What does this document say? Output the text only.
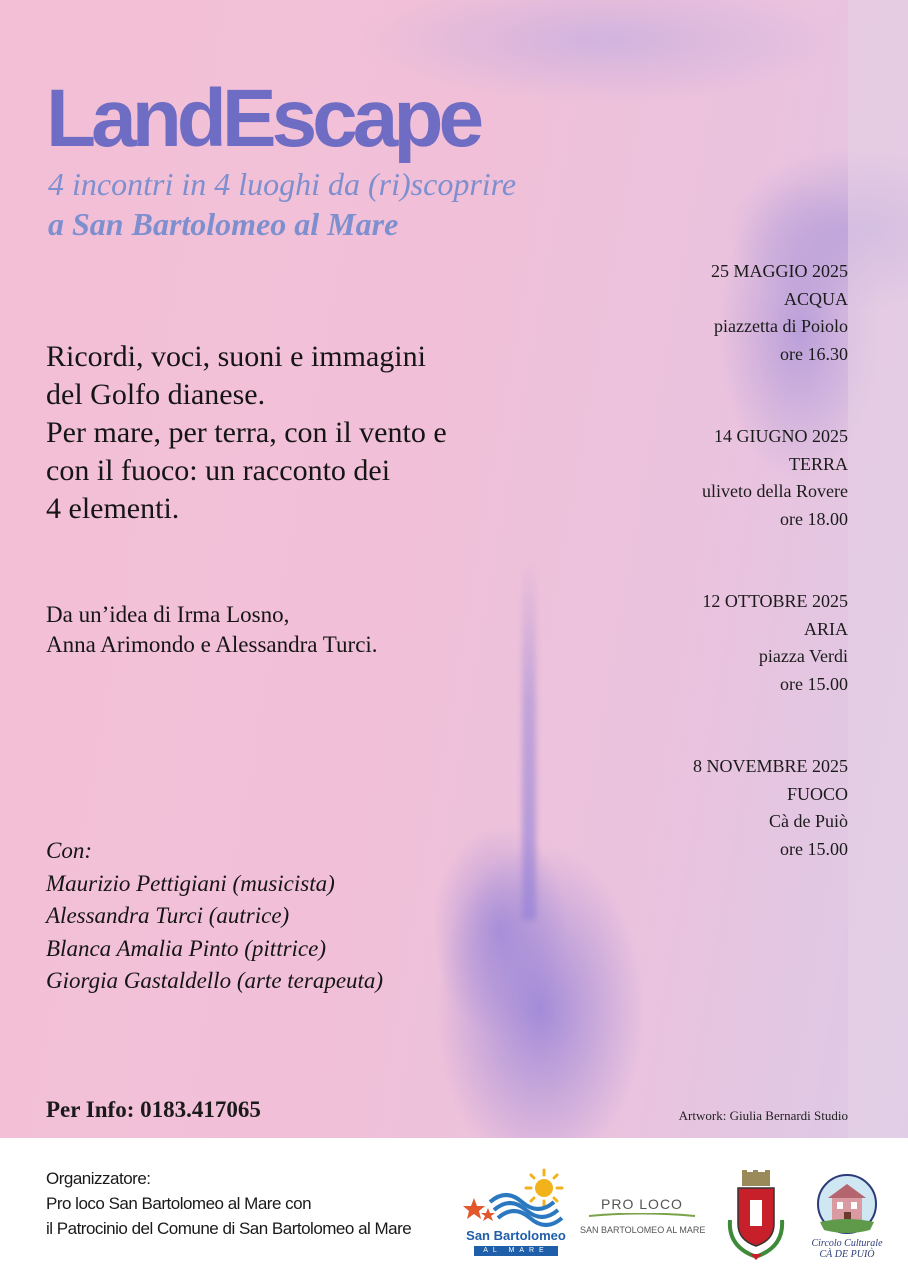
LandEscape
4 incontri in 4 luoghi da (ri)scoprire
a San Bartolomeo al Mare
Ricordi, voci, suoni e immagini
del Golfo dianese.
Per mare, per terra, con il vento e
con il fuoco: un racconto dei
4 elementi.
Da un’idea di Irma Losno,
Anna Arimondo e Alessandra Turci.
Con:
Maurizio Pettigiani (musicista)
Alessandra Turci (autrice)
Blanca Amalia Pinto (pittrice)
Giorgia Gastaldello (arte terapeuta)
25 MAGGIO 2025
ACQUA
piazzetta di Poiolo
ore 16.30
14 GIUGNO 2025
TERRA
uliveto della Rovere
ore 18.00
12 OTTOBRE 2025
ARIA
piazza Verdi
ore 15.00
8 NOVEMBRE 2025
FUOCO
Cà de Puiò
ore 15.00
Per Info: 0183.417065	Artwork: Giulia Bernardi Studio
Organizzatore:
Pro loco San Bartolomeo al Mare con
il Patrocinio del Comune di San Bartolomeo al Mare	San Bartolomeo
AL MARE
PRO LOCO
SAN BARTOLOMEO AL MARE
Circolo Culturale
CÀ DE PUIÒ
